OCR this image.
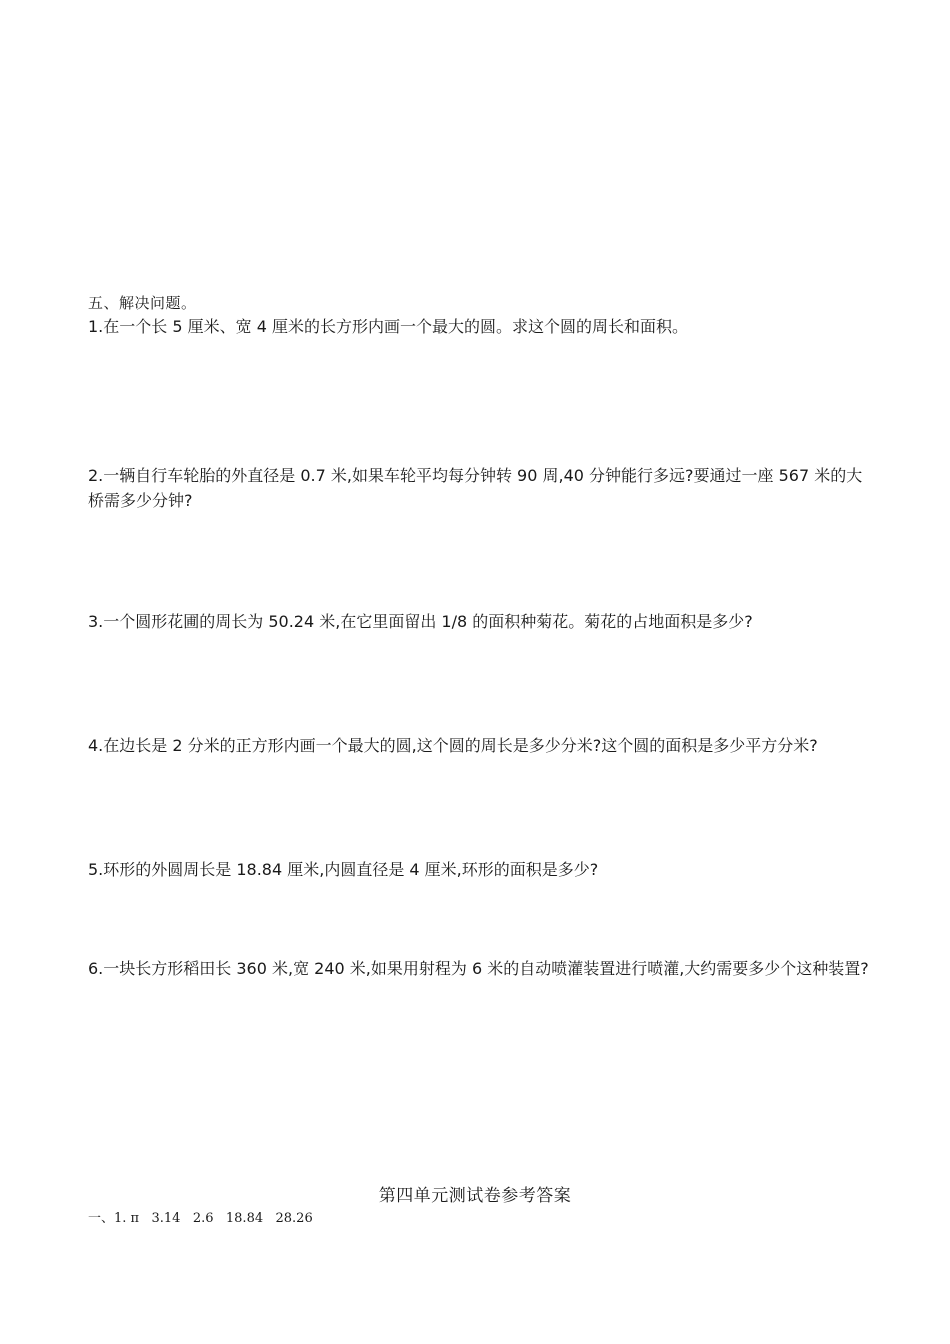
五、解决问题。
1.在一个长 5 厘米、宽 4 厘米的长方形内画一个最大的圆。求这个圆的周长和面积。
2.一辆自行车轮胎的外直径是 0.7 米,如果车轮平均每分钟转 90 周,40 分钟能行多远?要通过一座 567 米的大桥需多少分钟?
3.一个圆形花圃的周长为 50.24 米,在它里面留出 1/8 的面积种菊花。菊花的占地面积是多少?
4.在边长是 2 分米的正方形内画一个最大的圆,这个圆的周长是多少分米?这个圆的面积是多少平方分米?
5.环形的外圆周长是 18.84 厘米,内圆直径是 4 厘米,环形的面积是多少?
6.一块长方形稻田长 360 米,宽 240 米,如果用射程为 6 米的自动喷灌装置进行喷灌,大约需要多少个这种装置?
第四单元测试卷参考答案
一、1. π   3.14   2.6   18.84   28.26
